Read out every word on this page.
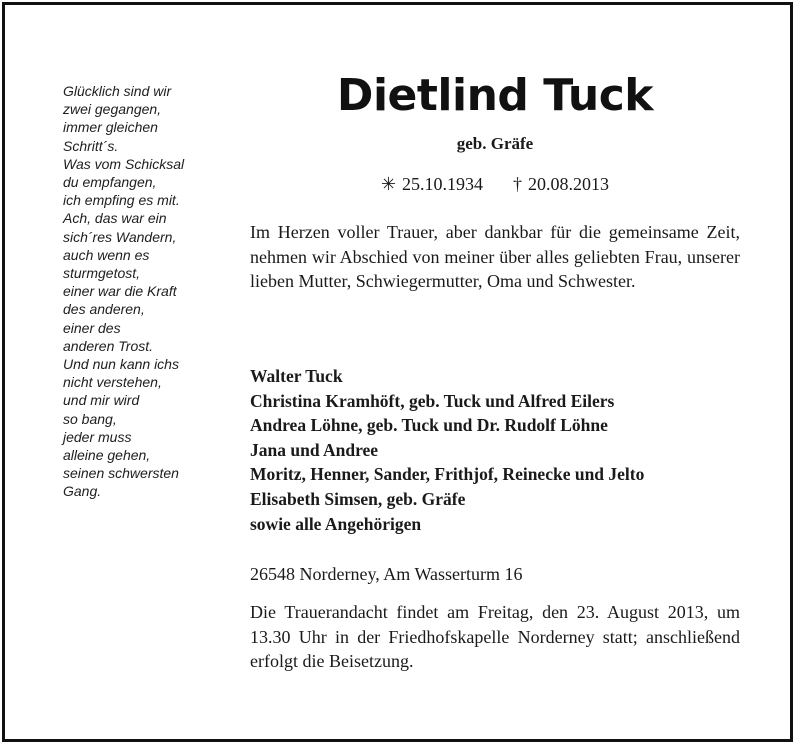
Glücklich sind wir
zwei gegangen,
immer gleichen
Schritt´s.
Was vom Schicksal
du empfangen,
ich empfing es mit.
Ach, das war ein
sich´res Wandern,
auch wenn es
sturmgetost,
einer war die Kraft
des anderen,
einer des
anderen Trost.
Und nun kann ichs
nicht verstehen,
und mir wird
so bang,
jeder muss
alleine gehen,
seinen schwersten
Gang.
Dietlind Tuck
geb. Gräfe
✳ 25.10.1934 † 20.08.2013
Im Herzen voller Trauer, aber dankbar für die gemeinsame Zeit, nehmen wir Abschied von meiner über alles geliebten Frau, unserer lieben Mutter, Schwiegermutter, Oma und Schwester.
Walter Tuck
Christina Kramhöft, geb. Tuck und Alfred Eilers
Andrea Löhne, geb. Tuck und Dr. Rudolf Löhne
Jana und Andree
Moritz, Henner, Sander, Frithjof, Reinecke und Jelto
Elisabeth Simsen, geb. Gräfe
sowie alle Angehörigen
26548 Norderney, Am Wasserturm 16
Die Trauerandacht findet am Freitag, den 23. August 2013, um 13.30 Uhr in der Friedhofskapelle Norderney statt; anschließend erfolgt die Beisetzung.
